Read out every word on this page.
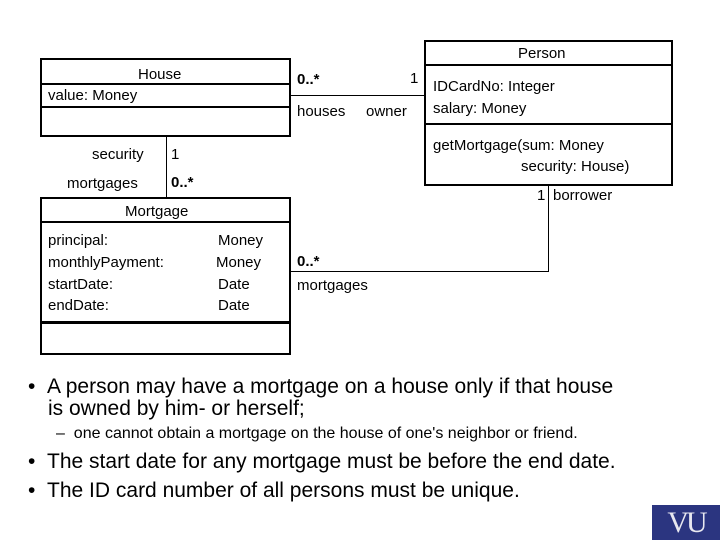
House
value: Money
Person
IDCardNo: Integer
salary: Money
getMortgage(sum: Money
security: House)
Mortgage
principal:	Money
monthlyPayment:	Money
startDate:	Date
endDate:	Date
0..*	1
houses owner
security 1
mortgages 0..*
1 borrower
0..*
mortgages
•  A person may have a mortgage on a house only if that house
is owned by him- or herself;
–  one cannot obtain a mortgage on the house of one's neighbor or friend.
•  The start date for any mortgage must be before the end date.
•  The ID card number of all persons must be unique.
VU
